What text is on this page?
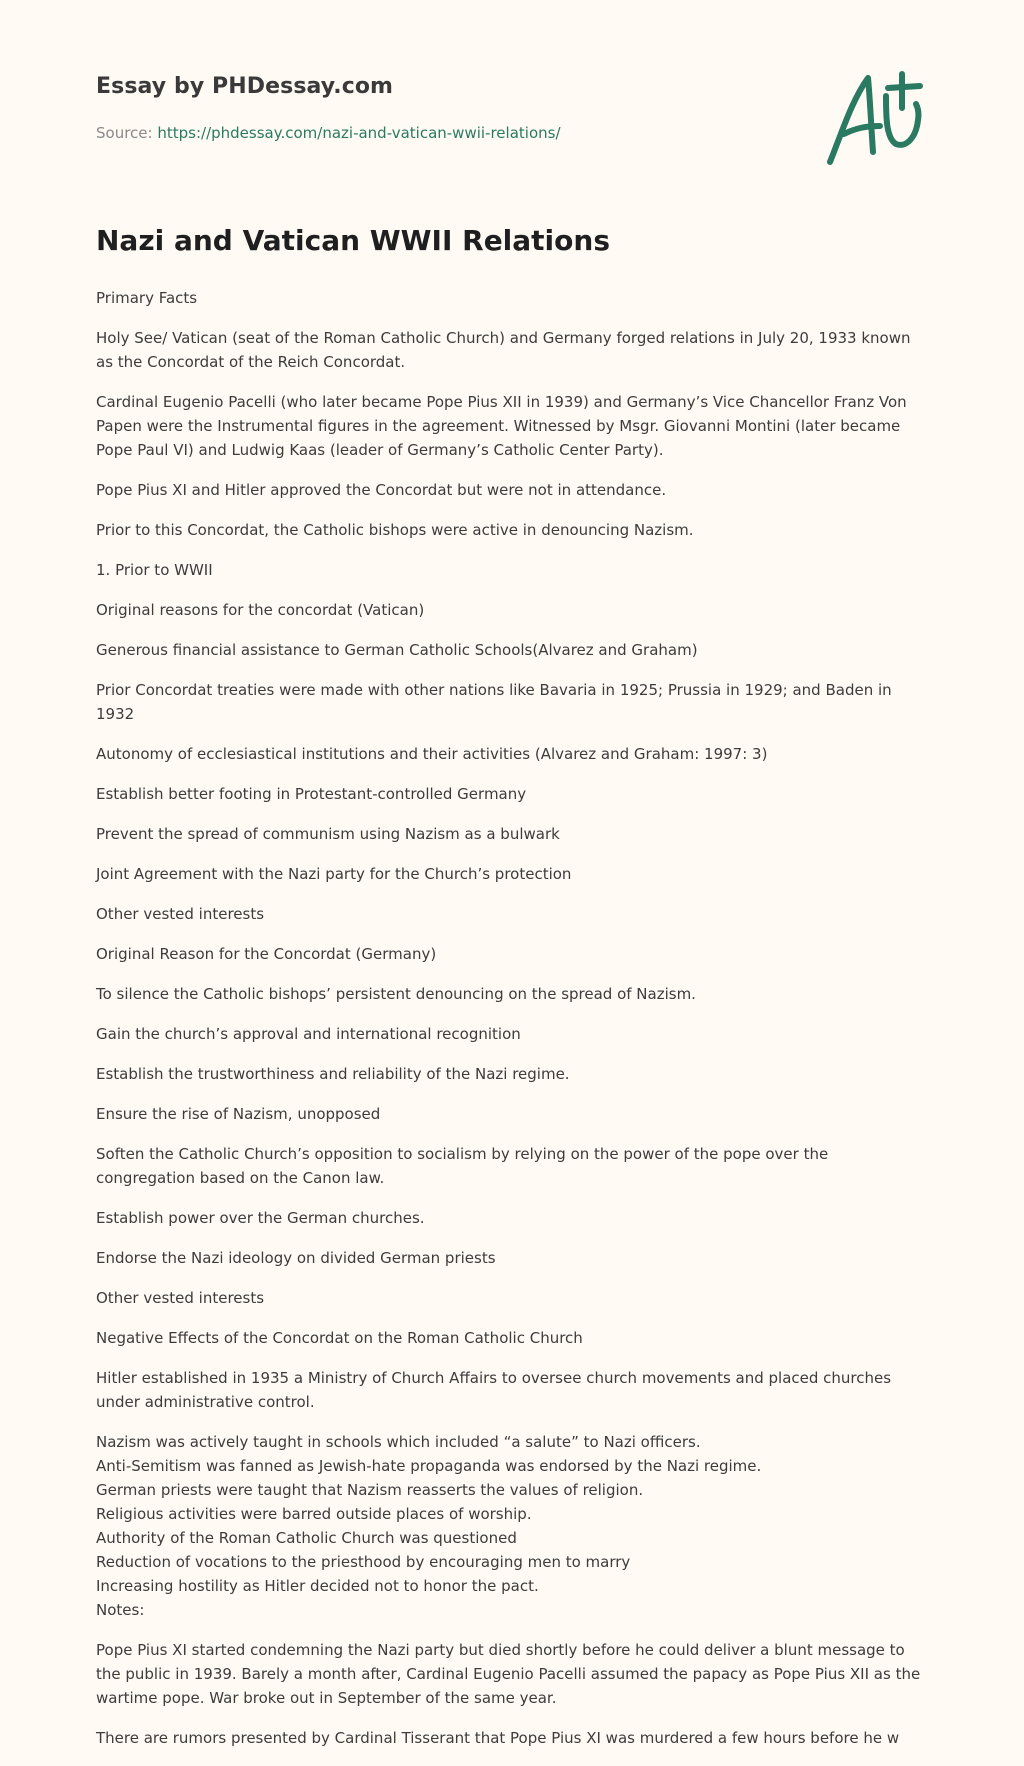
Essay by PHDessay.com
Source: https://phdessay.com/nazi-and-vatican-wwii-relations/
Nazi and Vatican WWII Relations

Primary Facts

Holy See/ Vatican (seat of the Roman Catholic Church) and Germany forged relations in July 20, 1933 known as the Concordat of the Reich Concordat.

Cardinal Eugenio Pacelli (who later became Pope Pius XII in 1939) and Germany’s Vice Chancellor Franz Von Papen were the Instrumental figures in the agreement. Witnessed by Msgr. Giovanni Montini (later became Pope Paul VI) and Ludwig Kaas (leader of Germany’s Catholic Center Party).

Pope Pius XI and Hitler approved the Concordat but were not in attendance.

Prior to this Concordat, the Catholic bishops were active in denouncing Nazism.

1. Prior to WWII

Original reasons for the concordat (Vatican)

Generous financial assistance to German Catholic Schools(Alvarez and Graham)

Prior Concordat treaties were made with other nations like Bavaria in 1925; Prussia in 1929; and Baden in 1932

Autonomy of ecclesiastical institutions and their activities (Alvarez and Graham: 1997: 3)

Establish better footing in Protestant-controlled Germany

Prevent the spread of communism using Nazism as a bulwark

Joint Agreement with the Nazi party for the Church’s protection

Other vested interests

Original Reason for the Concordat (Germany)

To silence the Catholic bishops’ persistent denouncing on the spread of Nazism.

Gain the church’s approval and international recognition

Establish the trustworthiness and reliability of the Nazi regime.

Ensure the rise of Nazism, unopposed

Soften the Catholic Church’s opposition to socialism by relying on the power of the pope over the congregation based on the Canon law.

Establish power over the German churches.

Endorse the Nazi ideology on divided German priests

Other vested interests

Negative Effects of the Concordat on the Roman Catholic Church

Hitler established in 1935 a Ministry of Church Affairs to oversee church movements and placed churches under administrative control.

Nazism was actively taught in schools which included “a salute” to Nazi officers.

Anti-Semitism was fanned as Jewish-hate propaganda was endorsed by the Nazi regime.

German priests were taught that Nazism reasserts the values of religion.

Religious activities were barred outside places of worship.

Authority of the Roman Catholic Church was questioned

Reduction of vocations to the priesthood by encouraging men to marry

Increasing hostility as Hitler decided not to honor the pact.

Notes:

Pope Pius XI started condemning the Nazi party but died shortly before he could deliver a blunt message to the public in 1939. Barely a month after, Cardinal Eugenio Pacelli assumed the papacy as Pope Pius XII as the wartime pope. War broke out in September of the same year.

There are rumors presented by Cardinal Tisserant that Pope Pius XI was murdered a few hours before he w
